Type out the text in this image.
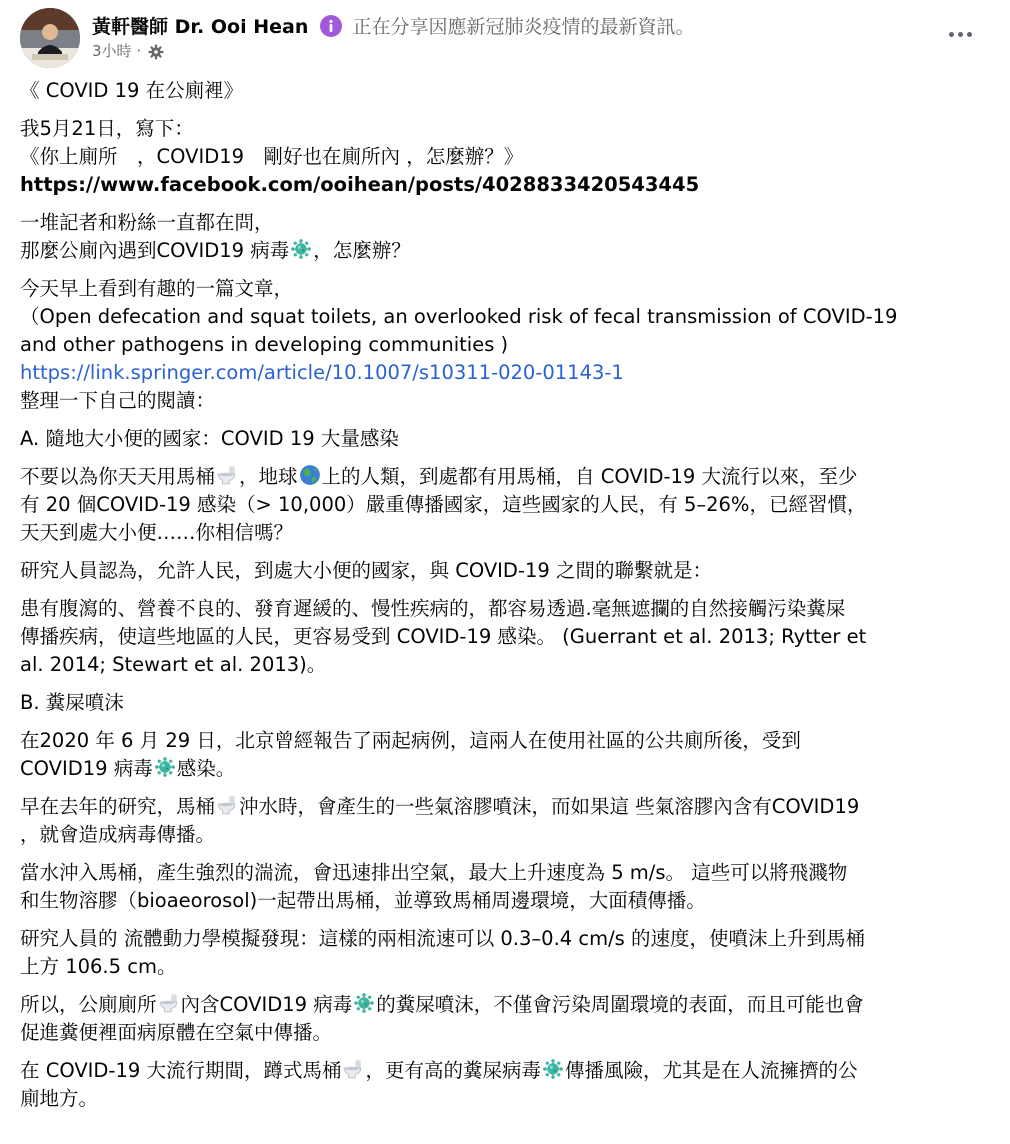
黃軒醫師 Dr. Ooi Hean 正在分享因應新冠肺炎疫情的最新資訊。
3小時 ·

《 COVID 19 在公廁裡》

我5月21日，寫下：
《你上廁所　，COVID19　剛好也在廁所內 ，怎麼辦？》
https://www.facebook.com/ooihean/posts/4028833420543445

一堆記者和粉絲一直都在問，
那麼公廁內遇到COVID19 病毒 ，怎麼辦？

今天早上看到有趣的一篇文章，
（Open defecation and squat toilets, an overlooked risk of fecal transmission of COVID-19
and other pathogens in developing communities )
https://link.springer.com/article/10.1007/s10311-020-01143-1
整理一下自己的閱讀：

A. 隨地大小便的國家：COVID 19 大量感染

不要以為你天天用馬桶 ，地球 上的人類，到處都有用馬桶，自 COVID-19 大流行以來，至少
有 20 個COVID-19 感染（> 10,000）嚴重傳播國家，這些國家的人民，有 5–26%，已經習慣，
天天到處大小便……你相信嗎？

研究人員認為，允許人民，到處大小便的國家，與 COVID-19 之間的聯繫就是：

患有腹瀉的、營養不良的、發育遲緩的、慢性疾病的，都容易透過.毫無遮攔的自然接觸污染糞屎
傳播疾病，使這些地區的人民，更容易受到 COVID-19 感染。 (Guerrant et al. 2013; Rytter et
al. 2014; Stewart et al. 2013)。

B. 糞屎噴沫

在2020 年 6 月 29 日，北京曾經報告了兩起病例，這兩人在使用社區的公共廁所後，受到
COVID19 病毒 感染。

早在去年的研究，馬桶 沖水時，會產生的一些氣溶膠噴沫，而如果這 些氣溶膠內含有COVID19
，就會造成病毒傳播。

當水沖入馬桶，產生強烈的湍流，會迅速排出空氣，最大上升速度為 5 m/s。 這些可以將飛濺物
和生物溶膠（bioaeorosol)一起帶出馬桶，並導致馬桶周邊環境，大面積傳播。

研究人員的 流體動力學模擬發現：這樣的兩相流速可以 0.3–0.4 cm/s 的速度，使噴沫上升到馬桶
上方 106.5 cm。

所以，公廁廁所 內含COVID19 病毒 的糞屎噴沫，不僅會污染周圍環境的表面，而且可能也會
促進糞便裡面病原體在空氣中傳播。

在 COVID-19 大流行期間，蹲式馬桶 ，更有高的糞屎病毒 傳播風險，尤其是在人流擁擠的公
廁地方。
